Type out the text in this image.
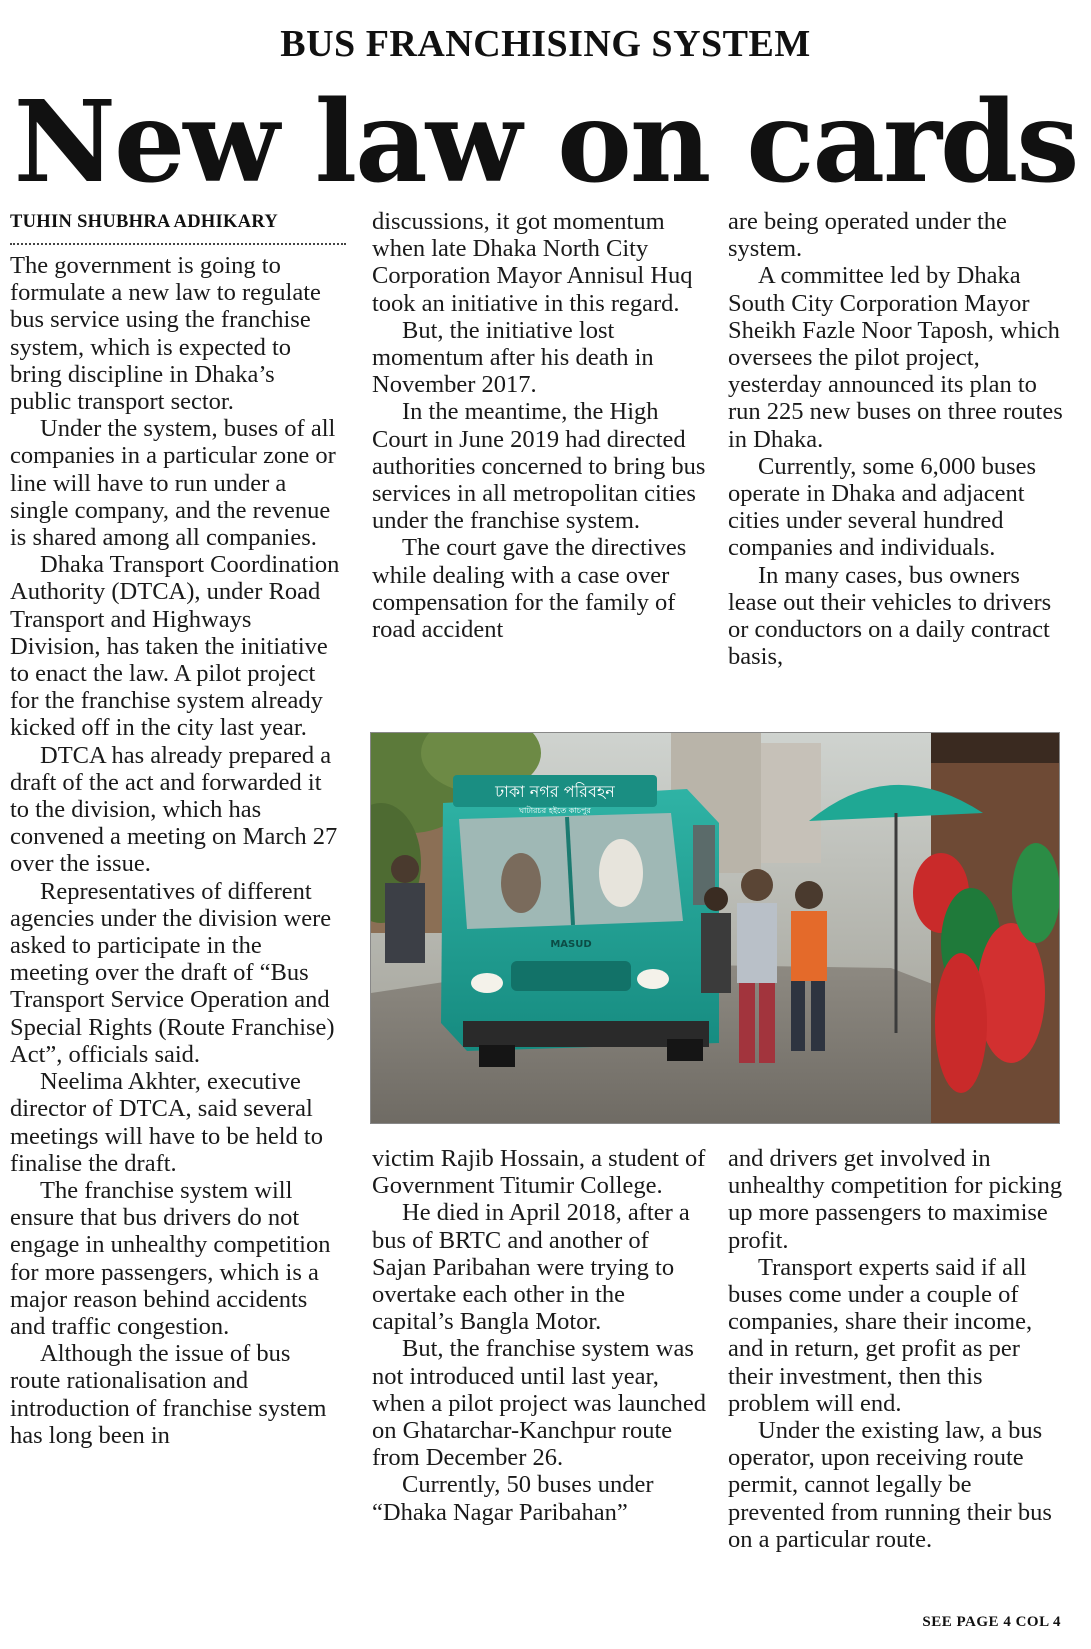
BUS FRANCHISING SYSTEM
New law on cards
TUHIN SHUBHRA ADHIKARY

The government is going to formulate a new law to regulate bus service using the franchise system, which is expected to bring discipline in Dhaka’s public transport sector.

Under the system, buses of all companies in a particular zone or line will have to run under a single company, and the revenue is shared among all companies.

Dhaka Transport Coordination Authority (DTCA), under Road Transport and Highways Division, has taken the initiative to enact the law. A pilot project for the franchise system already kicked off in the city last year.

DTCA has already prepared a draft of the act and forwarded it to the division, which has convened a meeting on March 27 over the issue.

Representatives of different agencies under the division were asked to participate in the meeting over the draft of “Bus Transport Service Operation and Special Rights (Route Franchise) Act”, officials said.

Neelima Akhter, executive director of DTCA, said several meetings will have to be held to finalise the draft.

The franchise system will ensure that bus drivers do not engage in unhealthy competition for more passengers, which is a major reason behind accidents and traffic congestion.

Although the issue of bus route rationalisation and introduction of franchise system has long been in

discussions, it got momentum when late Dhaka North City Corporation Mayor Annisul Huq took an initiative in this regard.

But, the initiative lost momentum after his death in November 2017.

In the meantime, the High Court in June 2019 had directed authorities concerned to bring bus services in all metropolitan cities under the franchise system.

The court gave the directives while dealing with a case over compensation for the family of road accident

are being operated under the system.

A committee led by Dhaka South City Corporation Mayor Sheikh Fazle Noor Taposh, which oversees the pilot project, yesterday announced its plan to run 225 new buses on three routes in Dhaka.

Currently, some 6,000 buses operate in Dhaka and adjacent cities under several hundred companies and individuals.

In many cases, bus owners lease out their vehicles to drivers or conductors on a daily contract basis,

ঢাকা নগর পরিবহন
ঘাটারচর হইতে কাচপুর
MASUD

victim Rajib Hossain, a student of Government Titumir College.

He died in April 2018, after a bus of BRTC and another of Sajan Paribahan were trying to overtake each other in the capital’s Bangla Motor.

But, the franchise system was not introduced until last year, when a pilot project was launched on Ghatarchar-Kanchpur route from December 26.

Currently, 50 buses under “Dhaka Nagar Paribahan”

and drivers get involved in unhealthy competition for picking up more passengers to maximise profit.

Transport experts said if all buses come under a couple of companies, share their income, and in return, get profit as per their investment, then this problem will end.

Under the existing law, a bus operator, upon receiving route permit, cannot legally be prevented from running their bus on a particular route.

SEE PAGE 4 COL 4
